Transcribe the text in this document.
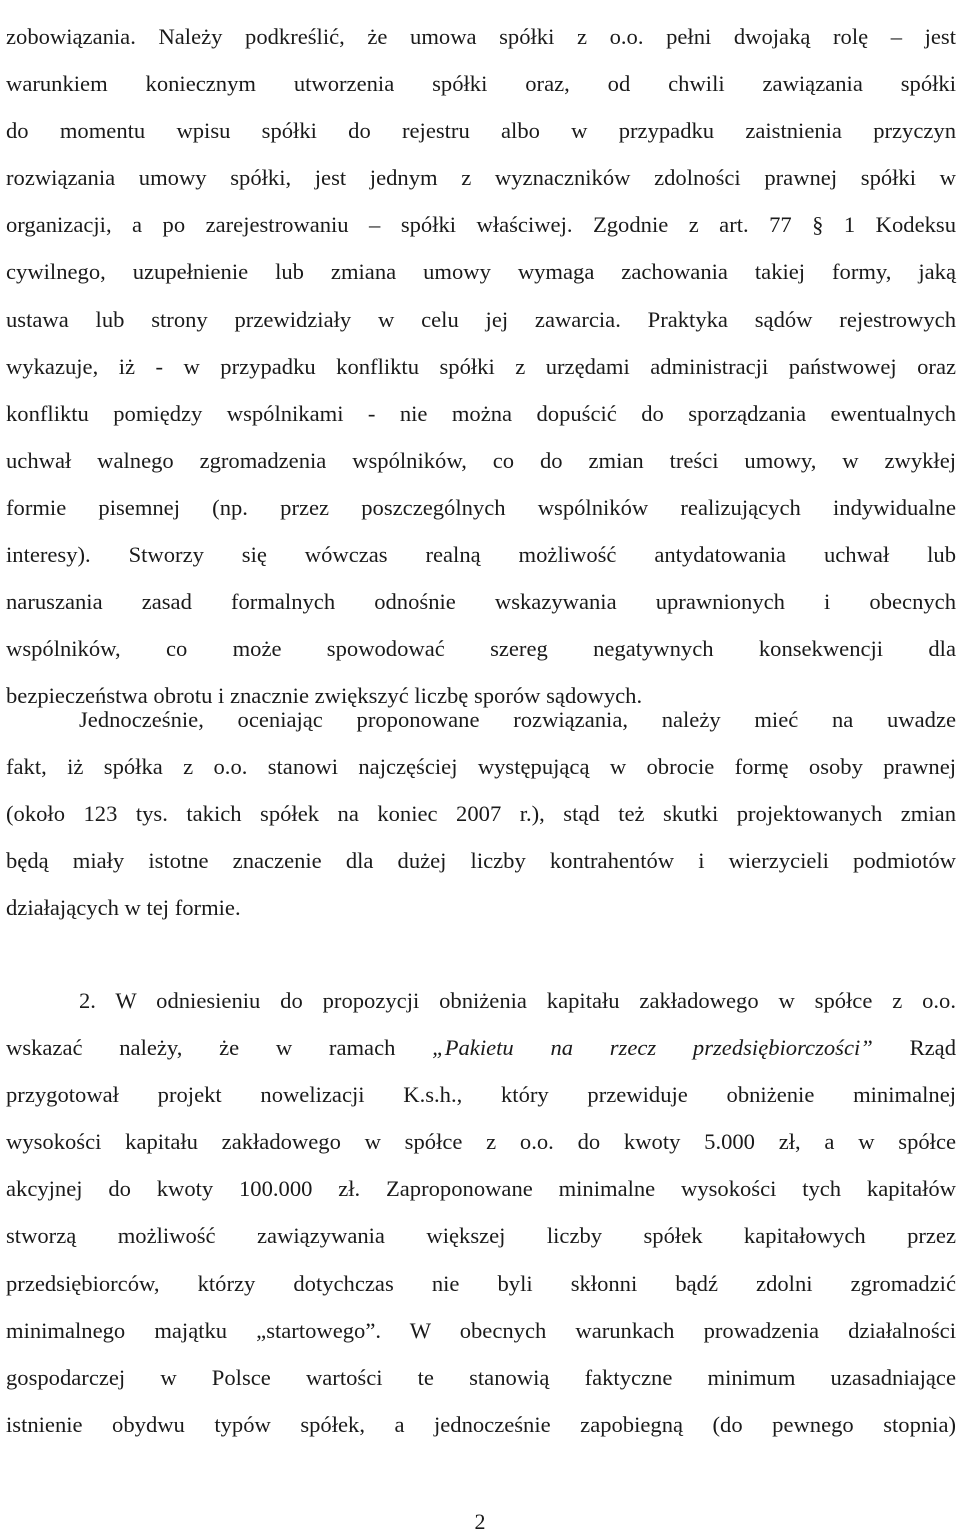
zobowiązania. Należy podkreślić, że umowa spółki z o.o. pełni dwojaką rolę – jest
warunkiem koniecznym utworzenia spółki oraz, od chwili zawiązania spółki
do momentu wpisu spółki do rejestru albo w przypadku zaistnienia przyczyn
rozwiązania umowy spółki, jest jednym z wyznaczników zdolności prawnej spółki w
organizacji, a po zarejestrowaniu – spółki właściwej. Zgodnie z art. 77 § 1 Kodeksu
cywilnego, uzupełnienie lub zmiana umowy wymaga zachowania takiej formy, jaką
ustawa lub strony przewidziały w celu jej zawarcia. Praktyka sądów rejestrowych
wykazuje, iż - w przypadku konfliktu spółki z urzędami administracji państwowej oraz
konfliktu pomiędzy wspólnikami - nie można dopuścić do sporządzania ewentualnych
uchwał walnego zgromadzenia wspólników, co do zmian treści umowy, w zwykłej
formie pisemnej (np. przez poszczególnych wspólników realizujących indywidualne
interesy). Stworzy się wówczas realną możliwość antydatowania uchwał lub
naruszania zasad formalnych odnośnie wskazywania uprawnionych i obecnych
wspólników, co może spowodować szereg negatywnych konsekwencji dla
bezpieczeństwa obrotu i znacznie zwiększyć liczbę sporów sądowych.

Jednocześnie, oceniając proponowane rozwiązania, należy mieć na uwadze
fakt, iż spółka z o.o. stanowi najczęściej występującą w obrocie formę osoby prawnej
(około 123 tys. takich spółek na koniec 2007 r.), stąd też skutki projektowanych zmian
będą miały istotne znaczenie dla dużej liczby kontrahentów i wierzycieli podmiotów
działających w tej formie.

2. W odniesieniu do propozycji obniżenia kapitału zakładowego w spółce z o.o.
wskazać należy, że w ramach „Pakietu na rzecz przedsiębiorczości” Rząd
przygotował projekt nowelizacji K.s.h., który przewiduje obniżenie minimalnej
wysokości kapitału zakładowego w spółce z o.o. do kwoty 5.000 zł, a w spółce
akcyjnej do kwoty 100.000 zł. Zaproponowane minimalne wysokości tych kapitałów
stworzą możliwość zawiązywania większej liczby spółek kapitałowych przez
przedsiębiorców, którzy dotychczas nie byli skłonni bądź zdolni zgromadzić
minimalnego majątku „startowego”. W obecnych warunkach prowadzenia działalności
gospodarczej w Polsce wartości te stanowią faktyczne minimum uzasadniające
istnienie obydwu typów spółek, a jednocześnie zapobiegną (do pewnego stopnia)

2
